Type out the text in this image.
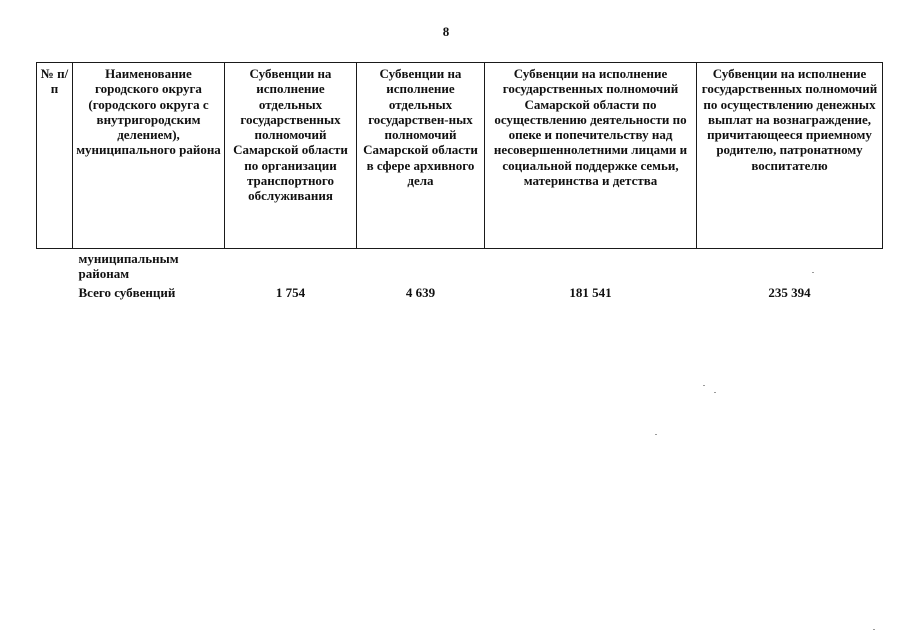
8
№ п/п	Наименование городского округа (городского округа с внутригородским делением), муниципального района	Субвенции на исполнение отдельных государственных полномочий Самарской области по организации транспортного обслуживания	Субвенции на исполнение отдельных государствен-ных полномочий Самарской области в сфере архивного дела	Субвенции на исполнение государственных полномочий Самарской области по осуществлению деятельности по опеке и попечительству над несовершеннолетними лицами и социальной поддержке семьи, материнства и детства	Субвенции на исполнение государственных полномочий по осуществлению денежных выплат на вознаграждение, причитающееся приемному родителю, патронатному воспитателю
	муниципальным районам				
	Всего субвенций	1 754	4 639	181 541	235 394
